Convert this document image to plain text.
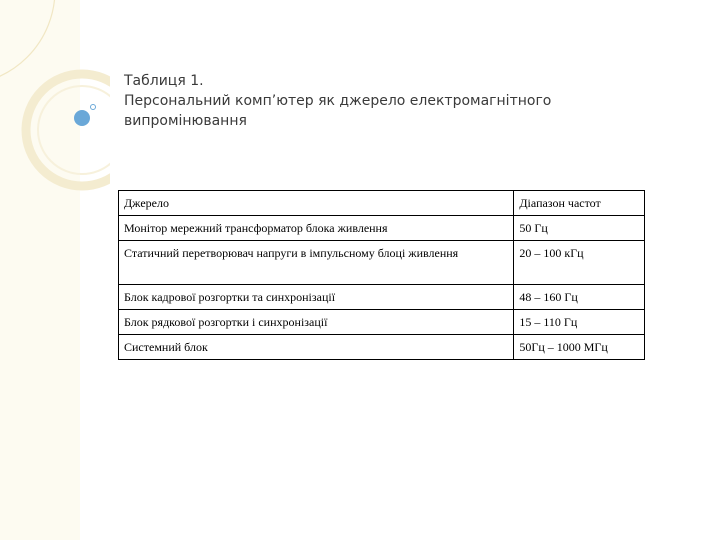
Таблиця 1.
Персональний комп’ютер як джерело електромагнітного
випромінювання
Джерело	Діапазон частот
Монітор мережний трансформатор блока живлення	50 Гц
Статичний перетворювач напруги в імпульсному блоці живлення	20 – 100 кГц
Блок кадрової розгортки та синхронізації	48 – 160 Гц
Блок рядкової розгортки і синхронізації	15 – 110 Гц
Системний блок	50Гц – 1000 МГц
